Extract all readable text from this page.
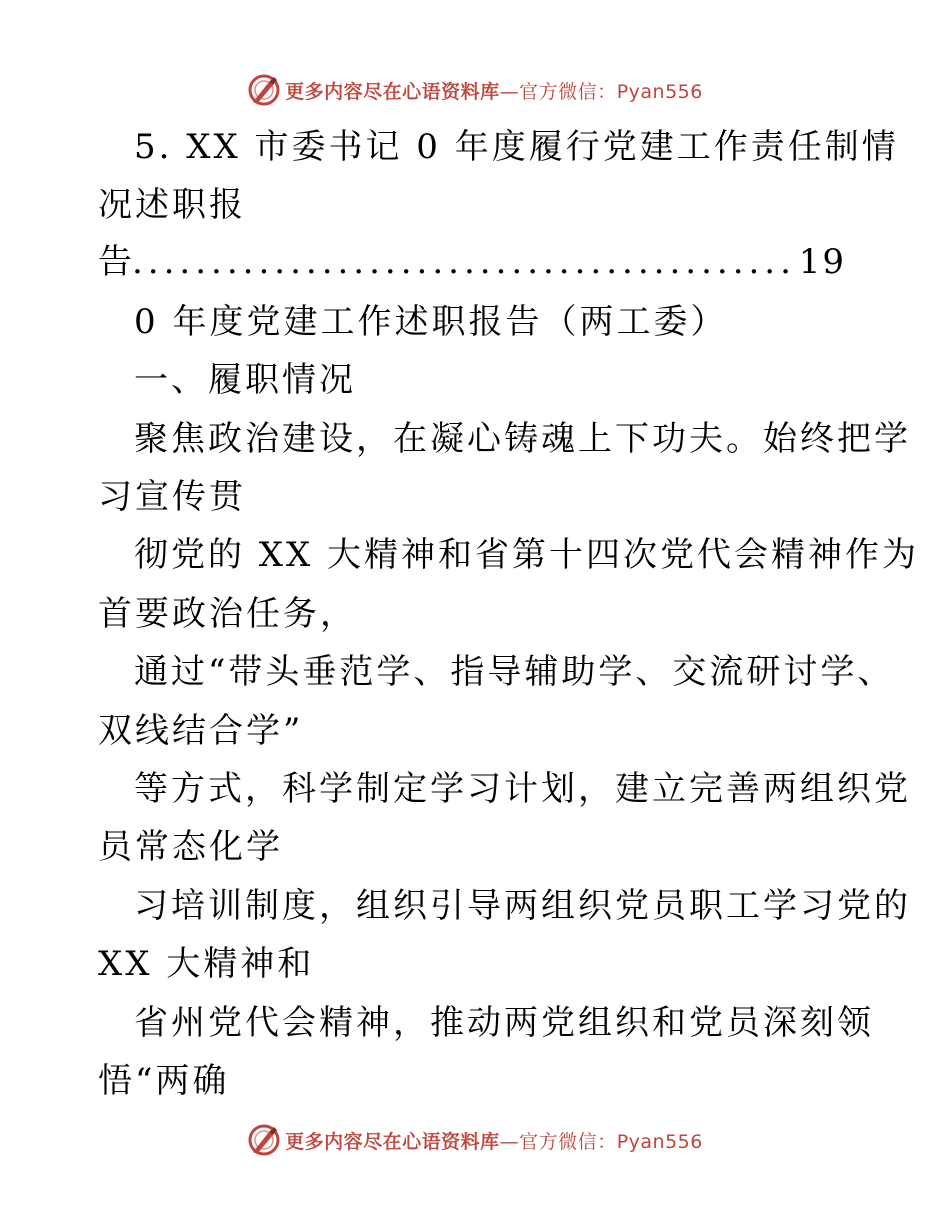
更多内容尽在心语资料库—官方微信：Pyan556
5. XX 市委书记 0 年度履行党建工作责任制情
况述职报
告
.....	19
0 年度党建工作述职报告（两工委）
一、履职情况
聚焦政治建设，在凝心铸魂上下功夫。始终把学
习宣传贯
彻党的 XX 大精神和省第十四次党代会精神作为
首要政治任务，
通过“带头垂范学、指导辅助学、交流研讨学、
双线结合学”
等方式，科学制定学习计划，建立完善两组织党
员常态化学
习培训制度，组织引导两组织党员职工学习党的
XX 大精神和
省州党代会精神，推动两党组织和党员深刻领
悟“两确
更多内容尽在心语资料库—官方微信：Pyan556
